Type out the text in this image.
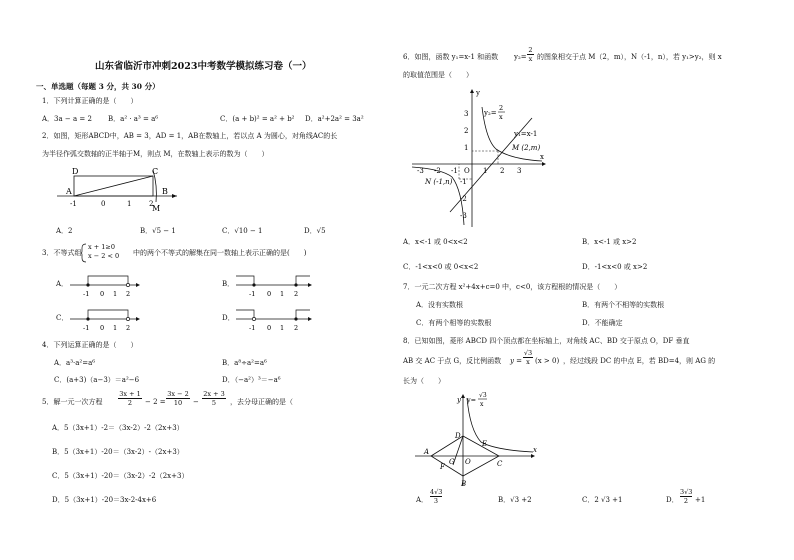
山东省临沂市冲刺2023中考数学模拟练习卷（一）
一、单选题（每题 3 分，共 30 分）
1．下列计算正确的是（　　）
A．3a − a = 2 B．a² · a³ = a⁶	C．(a + b)² = a² + b² D．a²+2a² = 3a²
2．如图，矩形ABCD中，AB = 3，AD = 1，AB在数轴上，若以点 A 为圆心，对角线AC的长
为半径作弧交数轴的正半轴于M，则点 M，在数轴上表示的数为（　　）
D	C
A	B
M
-1	0	1	2
A．2	B．√5 − 1	C．√10 − 1	D．√5
3．不等式组
x + 1≥0
x − 2 < 0 中的两个不等式的解集在同一数轴上表示正确的是(　　)
A．
-1 0 1 2
B．
-1 0 1 2
C．
-1 0 1 2
D．
-1 0 1 2
4．下列运算正确的是（　　）
A．a³·a²=a⁶	B．a⁸÷a²=a⁶
C．(a+3)（a−3）＝a²−6	D．（−a²）³＝−a⁶
5．解一元一次方程
3x + 1
2	− 2 =
3x − 2
10	−
2x + 3
5	，去分母正确的是（
A．5（3x+1）-2＝（3x-2）-2（2x+3）
B．5（3x+1）-20＝（3x-2）-（2x+3）
C．5（3x+1）-20＝（3x-2）-2（2x+3）
D．5（3x+1）-20＝3x-2-4x+6
6．如图，函数 y₁=x-1 和函数 y₂=
2
x 的图象相交于点 M（2，m），N（-1，n），若 y₁>y₂，则 x
的取值范围是（　　）
y
x
y₂=
2
x
y₁=x-1
M (2,m)
N (-1,n)
O
-3 -2 -1	1 2 3
3
2
1
-1
-2
-3
A．x<-1 或 0<x<2	B．x<-1 或 x>2
C．-1<x<0 或 0<x<2	D．-1<x<0 或 x>2
7．一元二次方程 x²+4x+c=0 中，c<0，该方程根的情况是（　　）
A．没有实数根	B．有两个不相等的实数根
C．有两个相等的实数根	D．不能确定
8．已知如图，菱形 ABCD 四个顶点都在坐标轴上，对角线 AC、BD 交于原点 O，DF 垂直
AB 交 AC 于点 G，反比例函数 y =
√3
x (x > 0) ，经过线段 DC 的中点 E，若 BD=4，则 AG 的
长为（　　）
y=
√3
x
y
x
D
E
A
C
B
F
G O
A．
4√3
3	B．√3 +2	C．2 √3 +1	D．
3√3
2 +1
